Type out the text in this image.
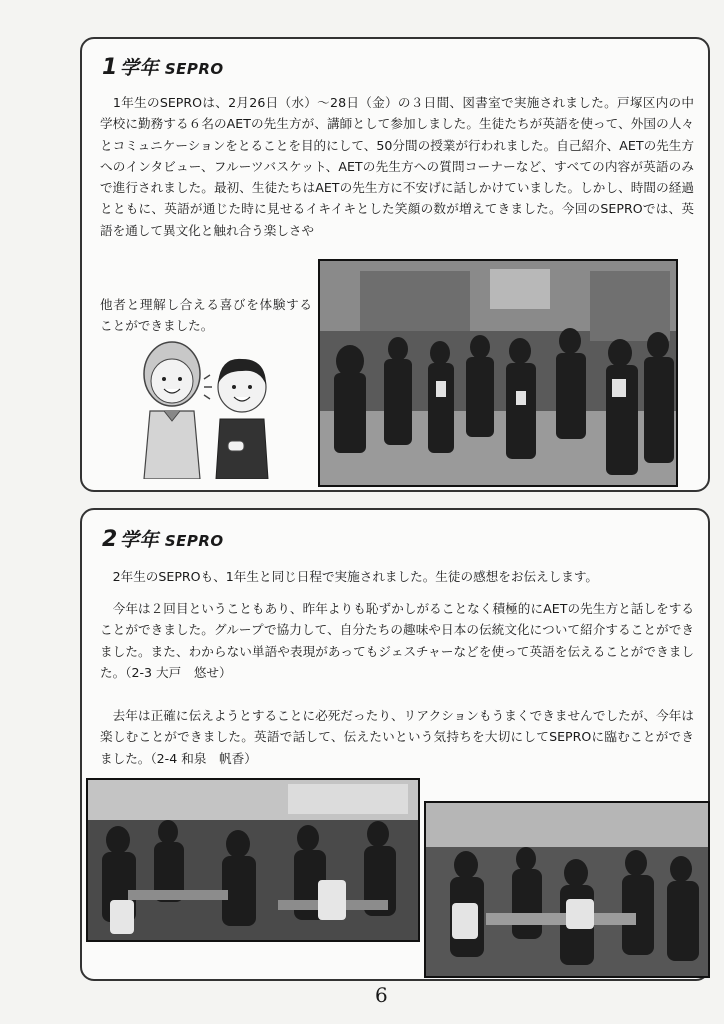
1 学年 SEPRO

　1年生のSEPROは、2月26日（水）～28日（金）の３日間、図書室で実施されました。戸塚区内の中学校に勤務する６名のAETの先生方が、講師として参加しました。生徒たちが英語を使って、外国の人々とコミュニケーションをとることを目的にして、50分間の授業が行われました。自己紹介、AETの先生方へのインタビュー、フルーツバスケット、AETの先生方への質問コーナーなど、すべての内容が英語のみで進行されました。最初、生徒たちはAETの先生方に不安げに話しかけていました。しかし、時間の経過とともに、英語が通じた時に見せるイキイキとした笑顔の数が増えてきました。今回のSEPROでは、英語を通して異文化と触れ合う楽しさや

他者と理解し合える喜びを体験することができました。

2 学年 SEPRO

　2年生のSEPROも、1年生と同じ日程で実施されました。生徒の感想をお伝えします。

　今年は２回目ということもあり、昨年よりも恥ずかしがることなく積極的にAETの先生方と話しをすることができました。グループで協力して、自分たちの趣味や日本の伝統文化について紹介することができました。また、わからない単語や表現があってもジェスチャーなどを使って英語を伝えることができました。（2-3 大戸　悠せ）

　去年は正確に伝えようとすることに必死だったり、リアクションもうまくできませんでしたが、今年は楽しむことができました。英語で話して、伝えたいという気持ちを大切にしてSEPROに臨むことができました。（2-4 和泉　帆香）

6
